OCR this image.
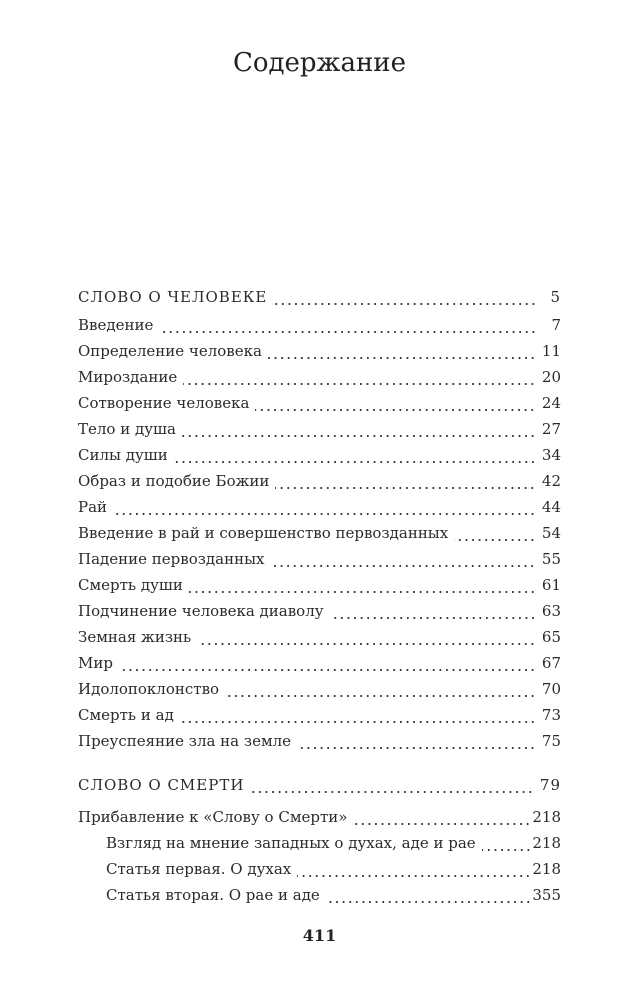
Содержание
СЛОВО О ЧЕЛОВЕКЕ	5
Введение	7
Определение человека	11
Мироздание	20
Сотворение человека	24
Тело и душа	27
Силы души	34
Образ и подобие Божии	42
Рай	44
Введение в рай и совершенство первозданных	54
Падение первозданных	55
Смерть души	61
Подчинение человека диаволу	63
Земная жизнь	65
Мир	67
Идолопоклонство	70
Смерть и ад	73
Преуспеяние зла на земле	75
СЛОВО О СМЕРТИ	79
Прибавление к «Слову о Смерти»	218
Взгляд на мнение западных о духах, аде и рае	218
Статья первая. О духах	218
Статья вторая. О рае и аде	355
411
